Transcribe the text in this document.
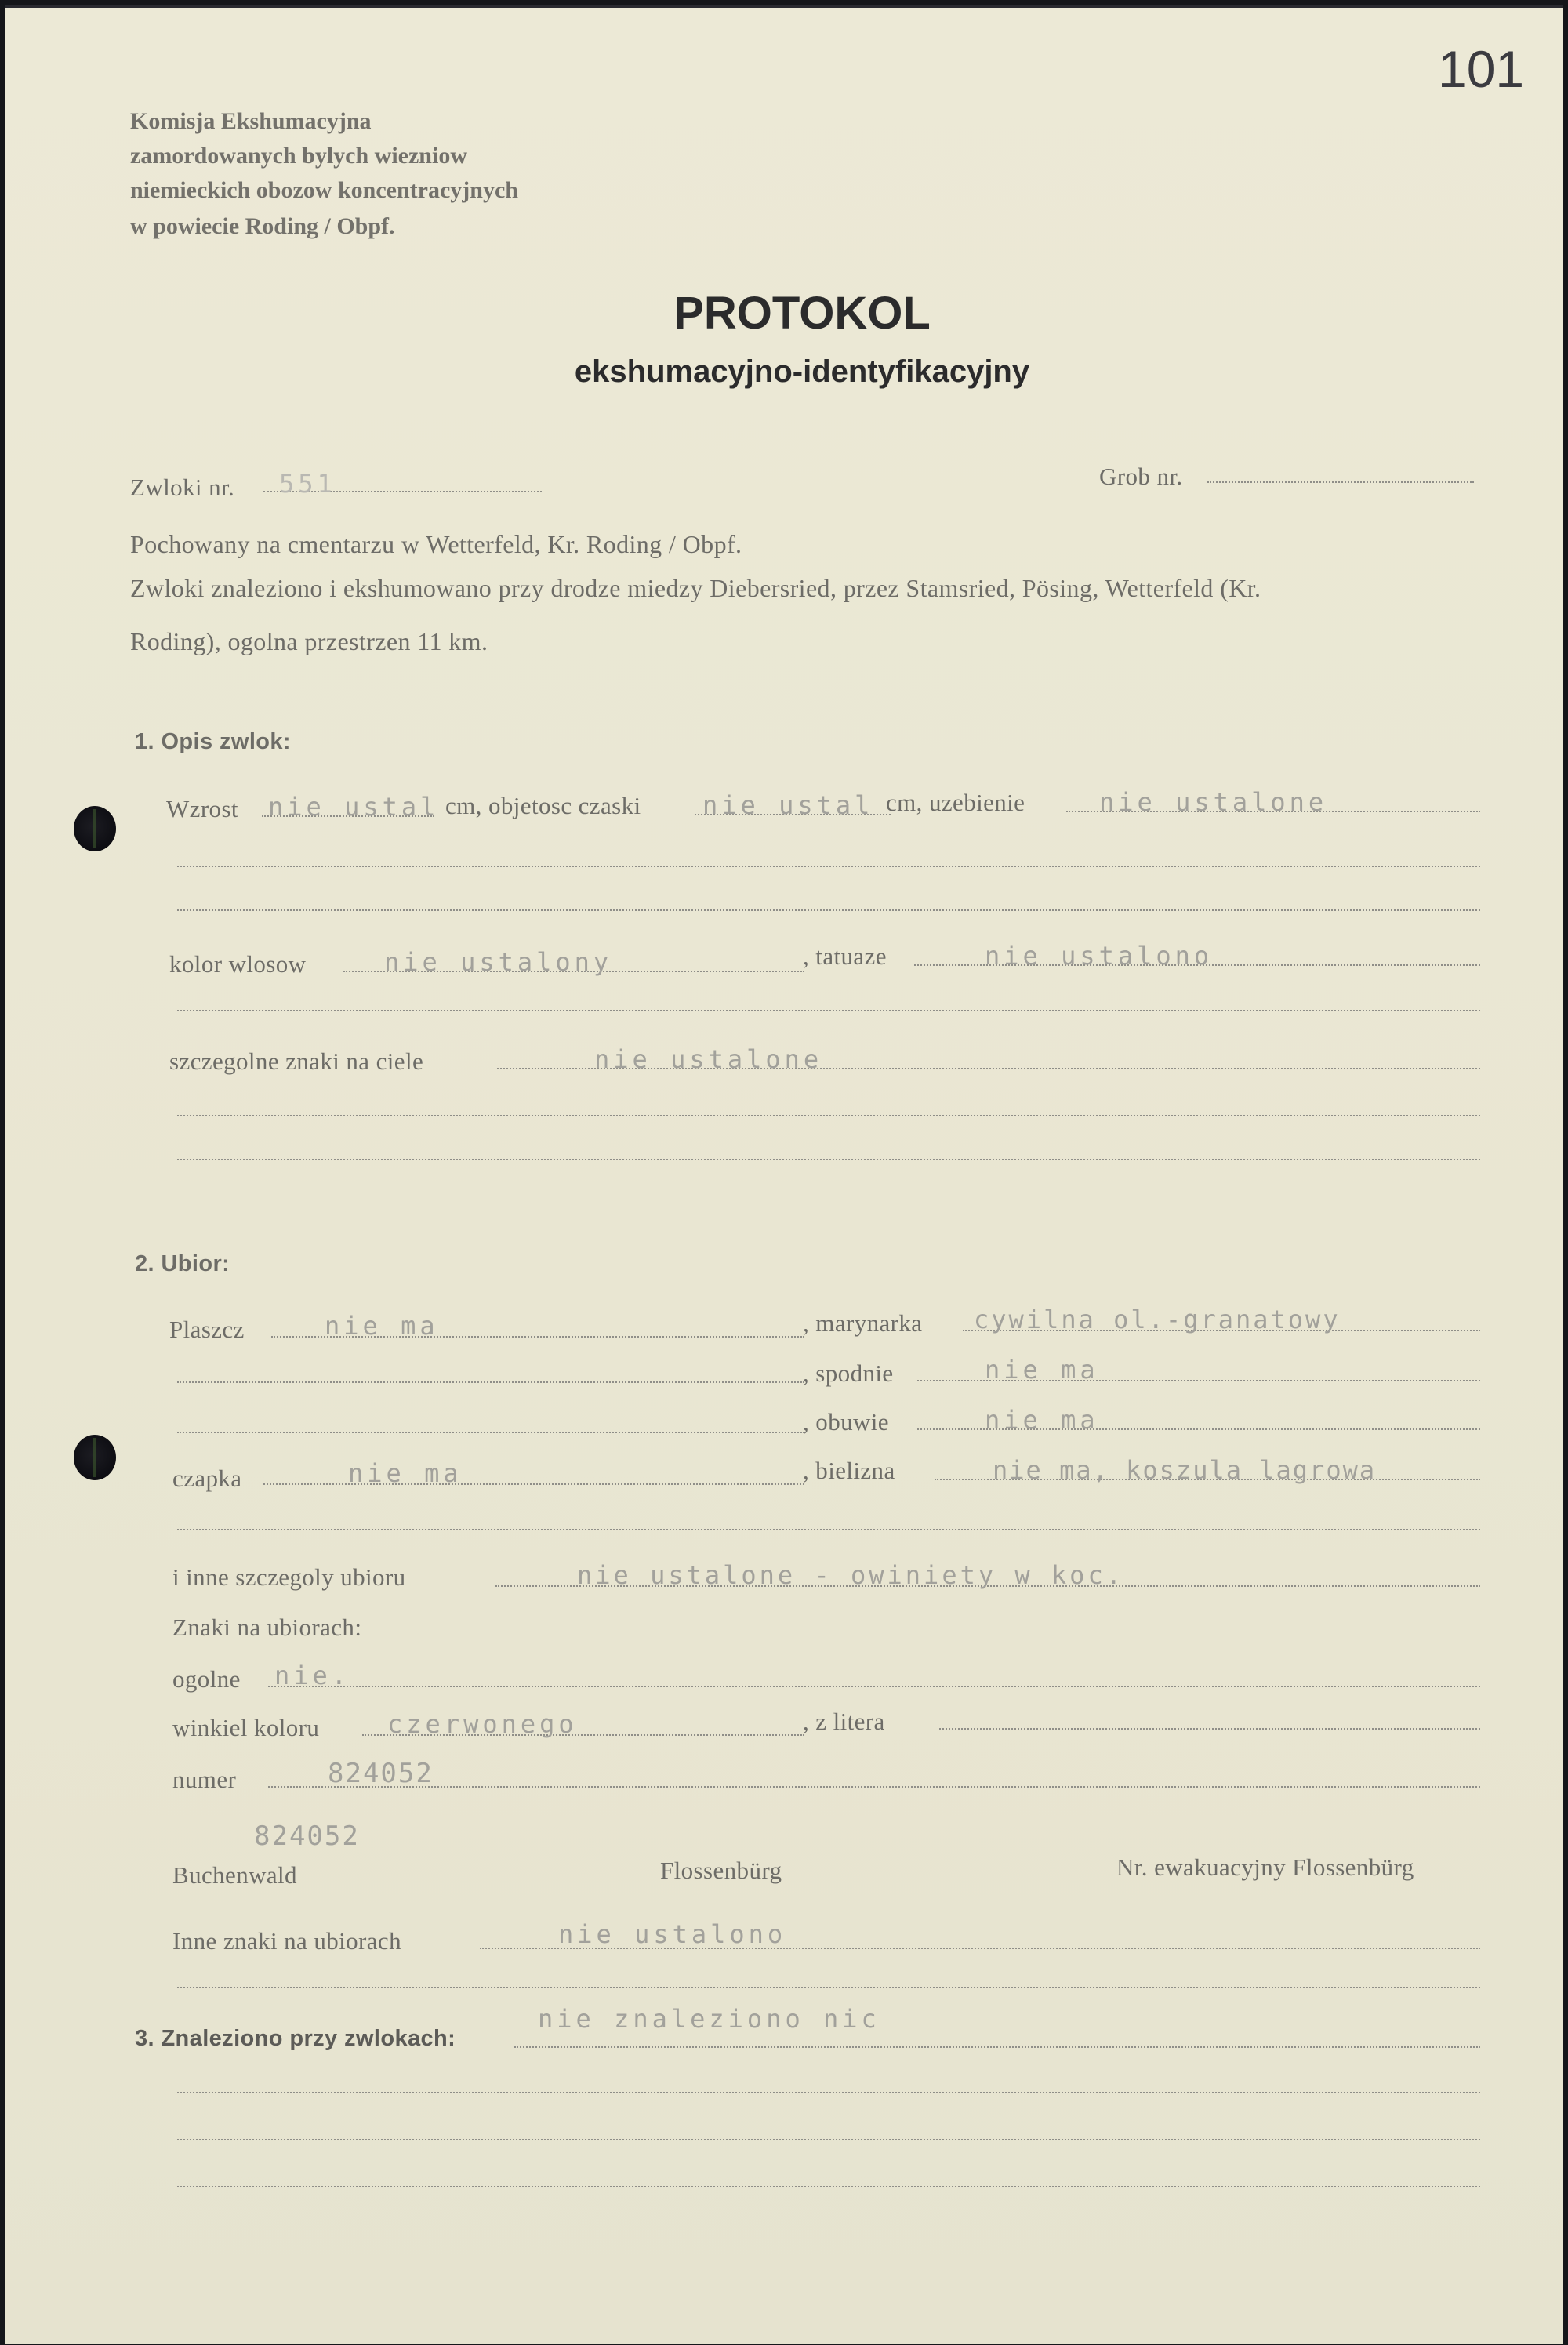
101
Komisja Ekshumacyjna
zamordowanych bylych wiezniow
niemieckich obozow koncentracyjnych
w powiecie Roding / Obpf.
PROTOKOL
ekshumacyjno-identyfikacyjny
Zwloki nr. 551	Grob nr.
Pochowany na cmentarzu w Wetterfeld, Kr. Roding / Obpf.
Zwloki znaleziono i ekshumowano przy drodze miedzy Diebersried, przez Stamsried, Pösing, Wetterfeld (Kr.
Roding), ogolna przestrzen 11 km.
1. Opis zwlok:
Wzrost nie ustal cm, objetosc czaski nie ustal cm, uzebienie	nie ustalone
kolor wlosow	nie ustalony	, tatuaze	nie ustalono
szczegolne znaki na ciele	nie ustalone
2. Ubior:
Plaszcz	nie ma	, marynarka cywilna ol.-granatowy
, spodnie	nie ma
, obuwie	nie ma
czapka	nie ma	, bielizna	nie ma, koszula lagrowa
i inne szczegoly ubioru	nie ustalone - owiniety w koc.
Znaki na ubiorach:
ogolne nie.
winkiel koloru	czerwonego	, z litera
numer	824052
824052
Buchenwald	Flossenbürg	Nr. ewakuacyjny Flossenbürg
Inne znaki na ubiorach	nie ustalono
3. Znaleziono przy zwlokach:
nie znaleziono nic
